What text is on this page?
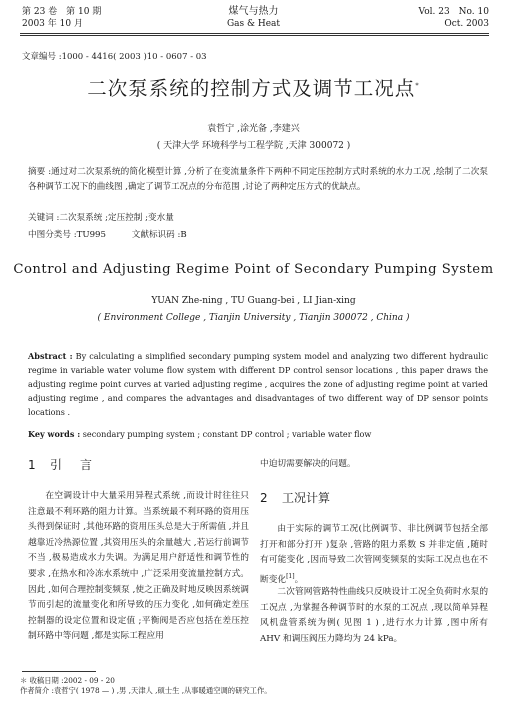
第 23 卷　第 10 期
2003 年 10 月
煤气与热力
Gas & Heat
Vol. 23　No. 10
Oct. 2003
文章编号 :1000 - 4416( 2003 )10 - 0607 - 03
二次泵系统的控制方式及调节工况点*
袁哲宁 ,涂光备 ,李建兴
( 天津大学 环境科学与工程学院 ,天津 300072 )
摘要 :通过对二次泵系统的简化模型计算 ,分析了在变流量条件下两种不同定压控制方式时系统的水力工况 ,绘制了二次泵各种调节工况下的曲线图 ,确定了调节工况点的分布范围 ,讨论了两种定压方式的优缺点。
关键词 :二次泵系统 ;定压控制 ;变水量
中图分类号 :TU995　　　文献标识码 :B
Control and Adjusting Regime Point of Secondary Pumping System
YUAN Zhe-ning , TU Guang-bei , LI Jian-xing
( Environment College , Tianjin University , Tianjin 300072 , China )
Abstract : By calculating a simplified secondary pumping system model and analyzing two different hydraulic regime in variable water volume flow system with different DP control sensor locations , this paper draws the adjusting regime point curves at varied adjusting regime , acquires the zone of adjusting regime point at varied adjusting regime , and compares the advantages and disadvantages of two different way of DP sensor points locations .
Key words : secondary pumping system ; constant DP control ; variable water flow
1 引言
在空调设计中大量采用异程式系统 ,而设计时往往只注意最不利环路的阻力计算。当系统最不利环路的资用压头得到保证时 ,其他环路的资用压头总是大于所需值 ,并且越靠近冷热源位置 ,其资用压头的余量越大 ,若运行前调节不当 ,极易造成水力失调。为满足用户舒适性和调节性的要求 ,在热水和冷冻水系统中 ,广泛采用变流量控制方式。因此 ,如何合理控制变频泵 ,使之正确及时地反映因系统调节而引起的流量变化和所导致的压力变化 ,如何确定差压控制器的设定位置和设定值 ;平衡阀是否应包括在差压控制环路中等问题 ,都是实际工程应用
中迫切需要解决的问题。
2 工况计算
由于实际的调节工况(比例调节、非比例调节包括全部打开和部分打开 )复杂 ,管路的阻力系数 S 并非定值 ,随时有可能变化 ,因而导致二次管网变频泵的实际工况点也在不断变化[1]。
二次管网管路特性曲线只反映设计工况全负荷时水泵的工况点 ,为掌握各种调节时的水泵的工况点 ,现以简单异程风机盘管系统为例( 见图 1 ) ,进行水力计算 ,图中所有 AHV 和调压阀压力降均为 24 kPa。
＊ 收稿日期 :2002 - 09 - 20
作者简介 :袁哲宁( 1978 — ) ,男 ,天津人 ,硕士生 ,从事暖通空调的研究工作。
